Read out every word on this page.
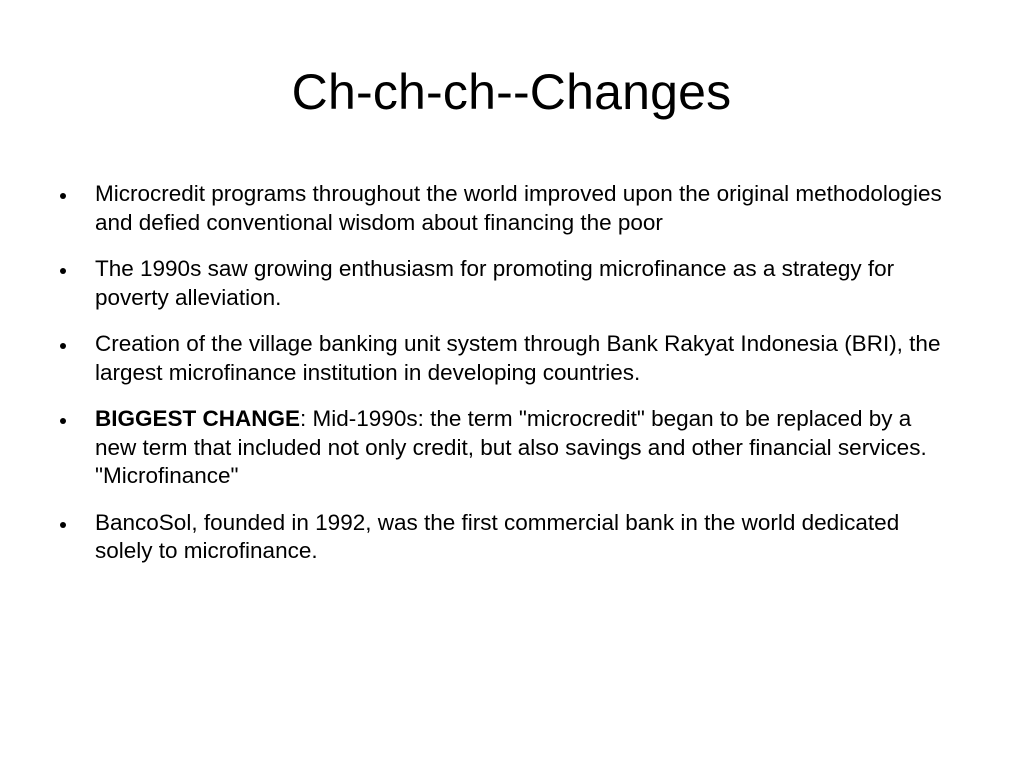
Ch-ch-ch--Changes
Microcredit programs throughout the world improved upon the original methodologies and defied conventional wisdom about financing the poor
The 1990s saw growing enthusiasm for promoting microfinance as a strategy for poverty alleviation.
Creation of the village banking unit system through Bank Rakyat Indonesia (BRI), the largest microfinance institution in developing countries.
BIGGEST CHANGE: Mid-1990s: the term "microcredit" began to be replaced by a new term that included not only credit, but also savings and other financial services. "Microfinance"
BancoSol, founded in 1992, was the first commercial bank in the world dedicated solely to microfinance.
